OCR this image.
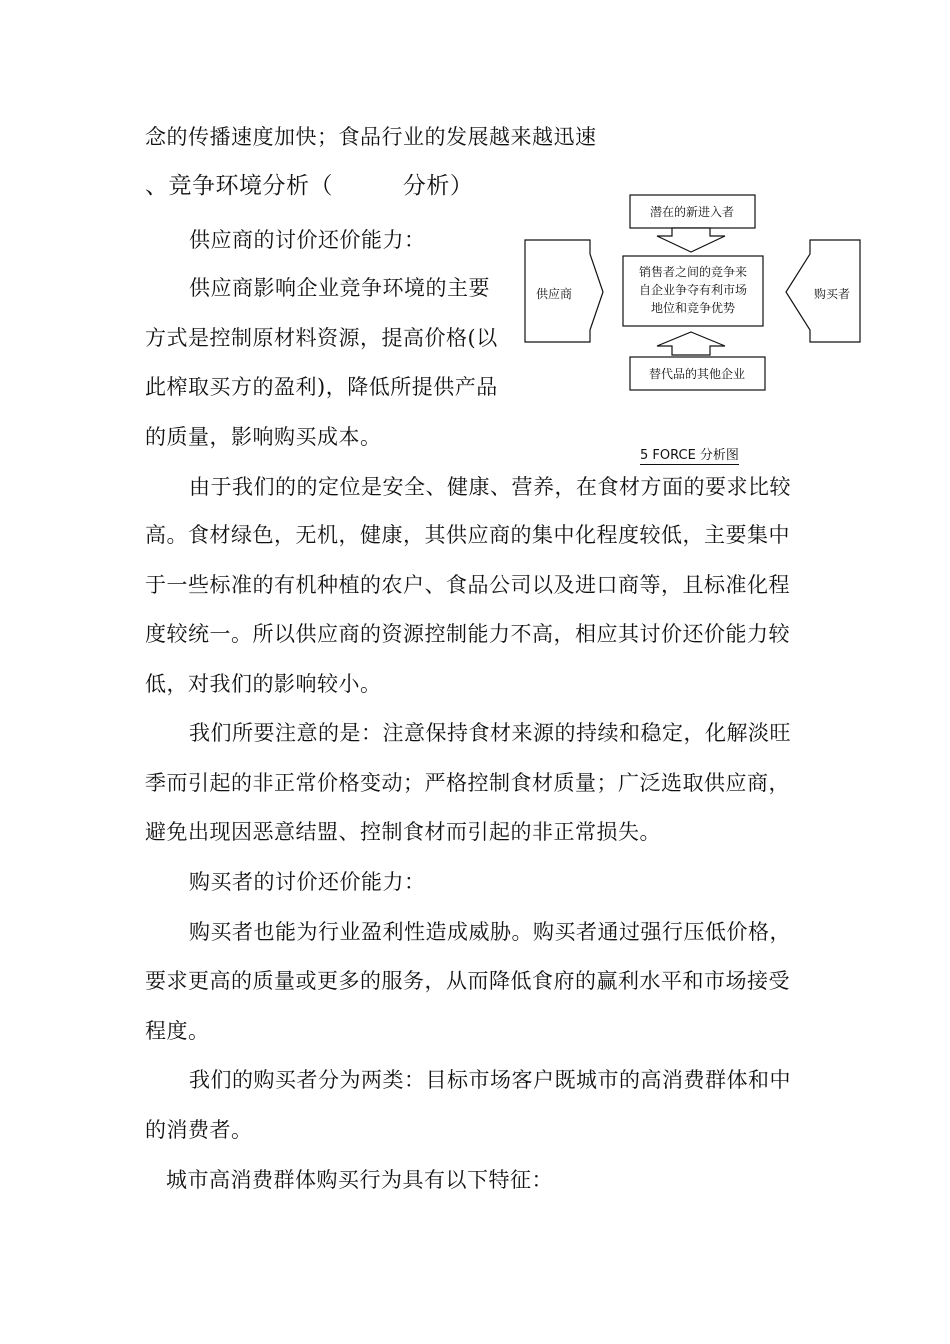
念的传播速度加快；食品行业的发展越来越迅速
、竞争环境分析（	分析）
供应商的讨价还价能力：
供应商影响企业竞争环境的主要
方式是控制原材料资源，提高价格(以
此榨取买方的盈利)，降低所提供产品
的质量，影响购买成本。
潜在的新进入者
销售者之间的竞争来
自企业争夺有利市场
地位和竞争优势
供应商	购买者
替代品的其他企业
5 FORCE 分析图
由于我们的的定位是安全、健康、营养，在食材方面的要求比较
高。食材绿色，无机，健康，其供应商的集中化程度较低，主要集中
于一些标准的有机种植的农户、食品公司以及进口商等，且标准化程
度较统一。所以供应商的资源控制能力不高，相应其讨价还价能力较
低，对我们的影响较小。
我们所要注意的是：注意保持食材来源的持续和稳定，化解淡旺
季而引起的非正常价格变动；严格控制食材质量；广泛选取供应商，
避免出现因恶意结盟、控制食材而引起的非正常损失。
购买者的讨价还价能力：
购买者也能为行业盈利性造成威胁。购买者通过强行压低价格，
要求更高的质量或更多的服务，从而降低食府的赢利水平和市场接受
程度。
我们的购买者分为两类：目标市场客户既城市的高消费群体和中
的消费者。
城市高消费群体购买行为具有以下特征：
